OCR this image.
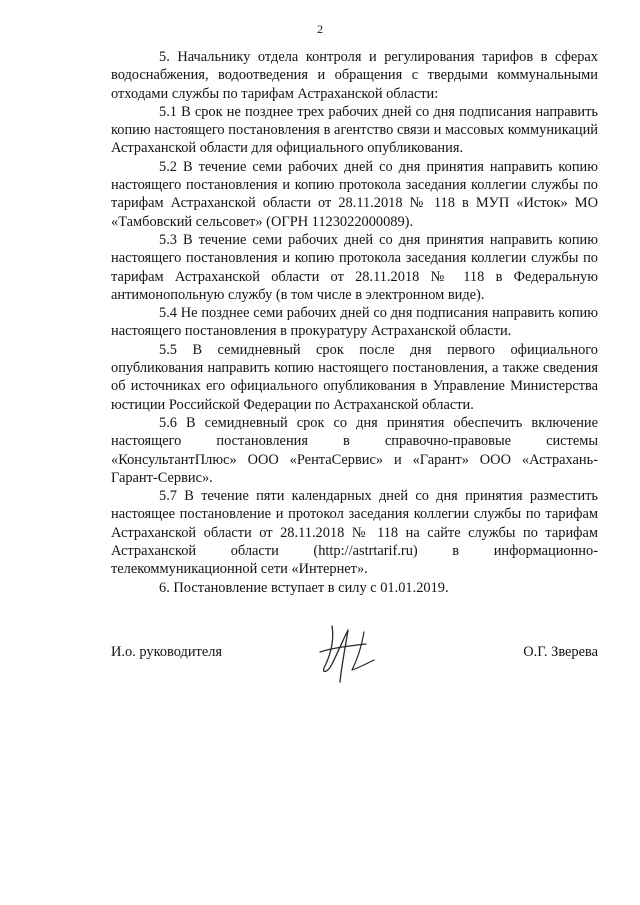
2

5. Начальнику отдела контроля и регулирования тарифов в сферах водоснабжения, водоотведения и обращения с твердыми коммунальными отходами службы по тарифам Астраханской области:

5.1 В срок не позднее трех рабочих дней со дня подписания направить копию настоящего постановления в агентство связи и массовых коммуникаций Астраханской области для официального опубликования.

5.2 В течение семи рабочих дней со дня принятия направить копию настоящего постановления и копию протокола заседания коллегии службы по тарифам Астраханской области от 28.11.2018 № 118 в МУП «Исток» МО «Тамбовский сельсовет» (ОГРН 1123022000089).

5.3 В течение семи рабочих дней со дня принятия направить копию настоящего постановления и копию протокола заседания коллегии службы по тарифам Астраханской области от 28.11.2018 № 118 в Федеральную антимонопольную службу (в том числе в электронном виде).

5.4 Не позднее семи рабочих дней со дня подписания направить копию настоящего постановления в прокуратуру Астраханской области.

5.5 В семидневный срок после дня первого официального опубликования направить копию настоящего постановления, а также сведения об источниках его официального опубликования в Управление Министерства юстиции Российской Федерации по Астраханской области.

5.6 В семидневный срок со дня принятия обеспечить включение настоящего постановления в справочно-правовые системы «КонсультантПлюс» ООО «РентаСервис» и «Гарант» ООО «Астрахань-Гарант-Сервис».

5.7 В течение пяти календарных дней со дня принятия разместить настоящее постановление и протокол заседания коллегии службы по тарифам Астраханской области от 28.11.2018 № 118 на сайте службы по тарифам Астраханской области (http://astrtarif.ru) в информационно-телекоммуникационной сети «Интернет».

6. Постановление вступает в силу с 01.01.2019.

И.о. руководителя	О.Г. Зверева
